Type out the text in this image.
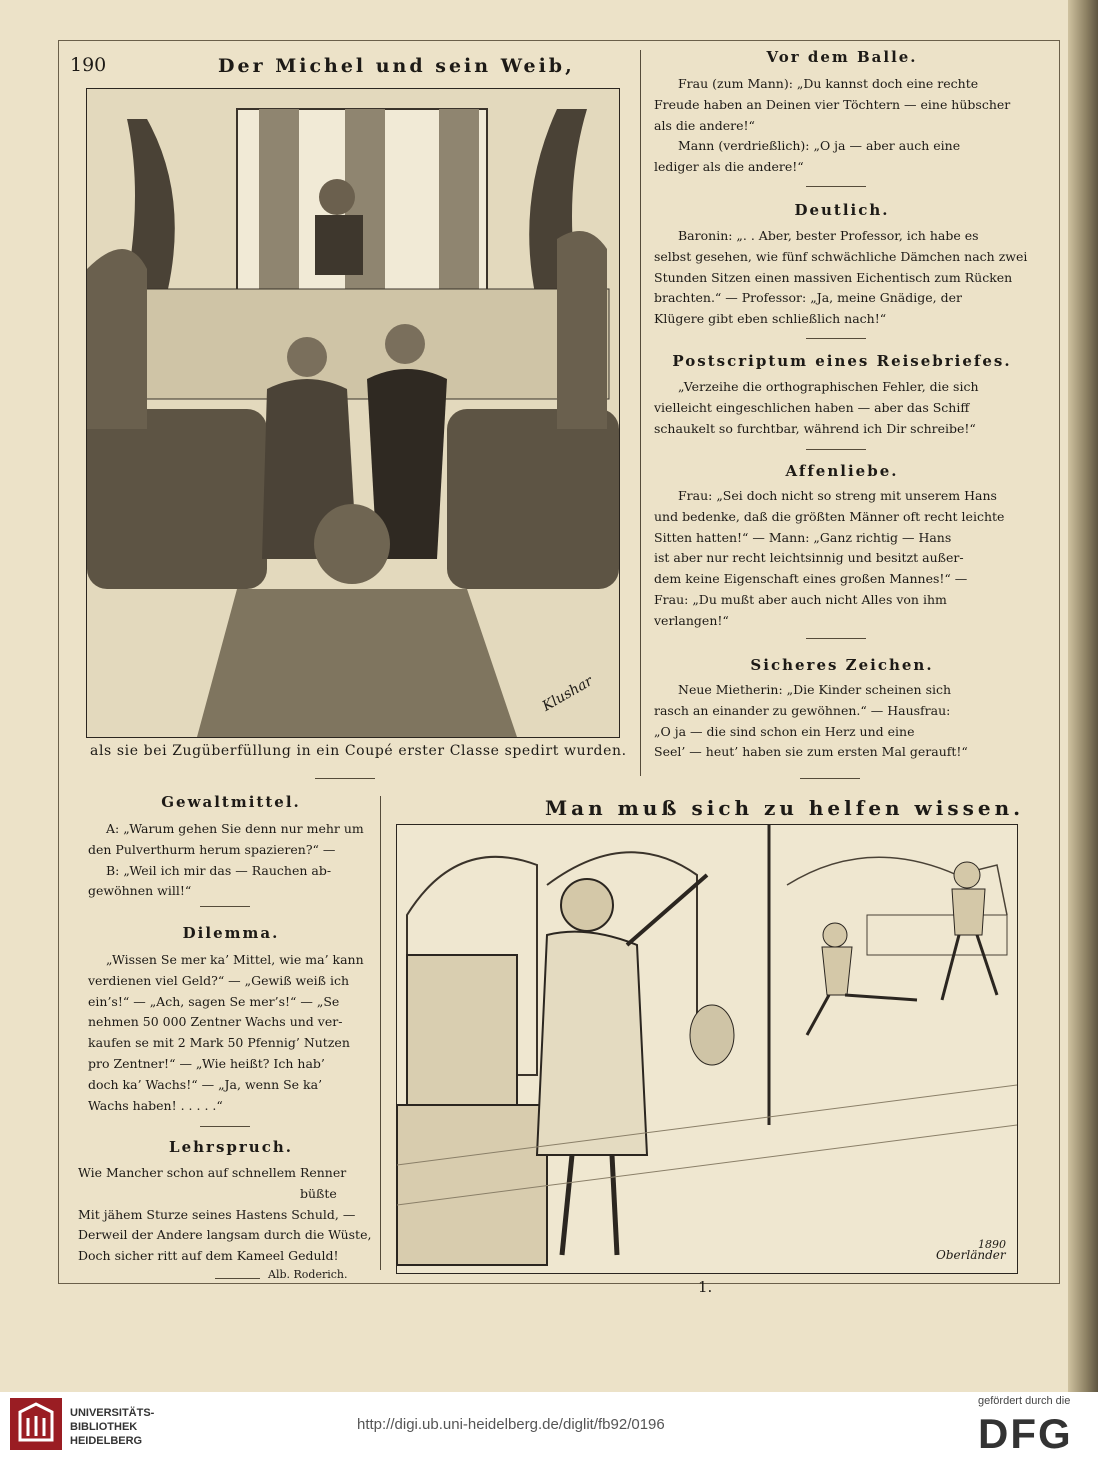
190	Der Michel und sein Weib,
Klushar
als sie bei Zugüberfüllung in ein Coupé erster Classe spedirt wurden.
Vor dem Balle.

Frau (zum Mann): „Du kannst doch eine rechte

Freude haben an Deinen vier Töchtern — eine hübscher

als die andere!“

Mann (verdrießlich): „O ja — aber auch eine

lediger als die andere!“

Deutlich.

Baronin: „. . Aber, bester Professor, ich habe es

selbst gesehen, wie fünf schwächliche Dämchen nach zwei

Stunden Sitzen einen massiven Eichentisch zum Rücken

brachten.“ — Professor: „Ja, meine Gnädige, der

Klügere gibt eben schließlich nach!“

Postscriptum eines Reisebriefes.

„Verzeihe die orthographischen Fehler, die sich

vielleicht eingeschlichen haben — aber das Schiff

schaukelt so furchtbar, während ich Dir schreibe!“

Affenliebe.

Frau: „Sei doch nicht so streng mit unserem Hans

und bedenke, daß die größten Männer oft recht leichte

Sitten hatten!“ — Mann: „Ganz richtig — Hans

ist aber nur recht leichtsinnig und besitzt außer-

dem keine Eigenschaft eines großen Mannes!“ —

Frau: „Du mußt aber auch nicht Alles von ihm

verlangen!“

Sicheres Zeichen.

Neue Mietherin: „Die Kinder scheinen sich

rasch an einander zu gewöhnen.“ — Hausfrau:

„O ja — die sind schon ein Herz und eine

Seel’ — heut’ haben sie zum ersten Mal gerauft!“

Gewaltmittel.

A: „Warum gehen Sie denn nur mehr um

den Pulverthurm herum spazieren?“ —

B: „Weil ich mir das — Rauchen ab-

gewöhnen will!“

Dilemma.

„Wissen Se mer ka’ Mittel, wie ma’ kann

verdienen viel Geld?“ — „Gewiß weiß ich

ein’s!“ — „Ach, sagen Se mer’s!“ — „Se

nehmen 50 000 Zentner Wachs und ver-

kaufen se mit 2 Mark 50 Pfennig’ Nutzen

pro Zentner!“ — „Wie heißt? Ich hab’

doch ka’ Wachs!“ — „Ja, wenn Se ka’

Wachs haben! . . . . .“

Lehrspruch.

Wie Mancher schon auf schnellem Renner

büßte

Mit jähem Sturze seines Hastens Schuld, —

Derweil der Andere langsam durch die Wüste,

Doch sicher ritt auf dem Kameel Geduld!

Alb. Roderich.
Man muß sich zu helfen wissen.
Oberländer
1890
1.
UNIVERSITÄTS-
BIBLIOTHEK
HEIDELBERG
http://digi.ub.uni-heidelberg.de/diglit/fb92/0196
gefördert durch die
DFG
